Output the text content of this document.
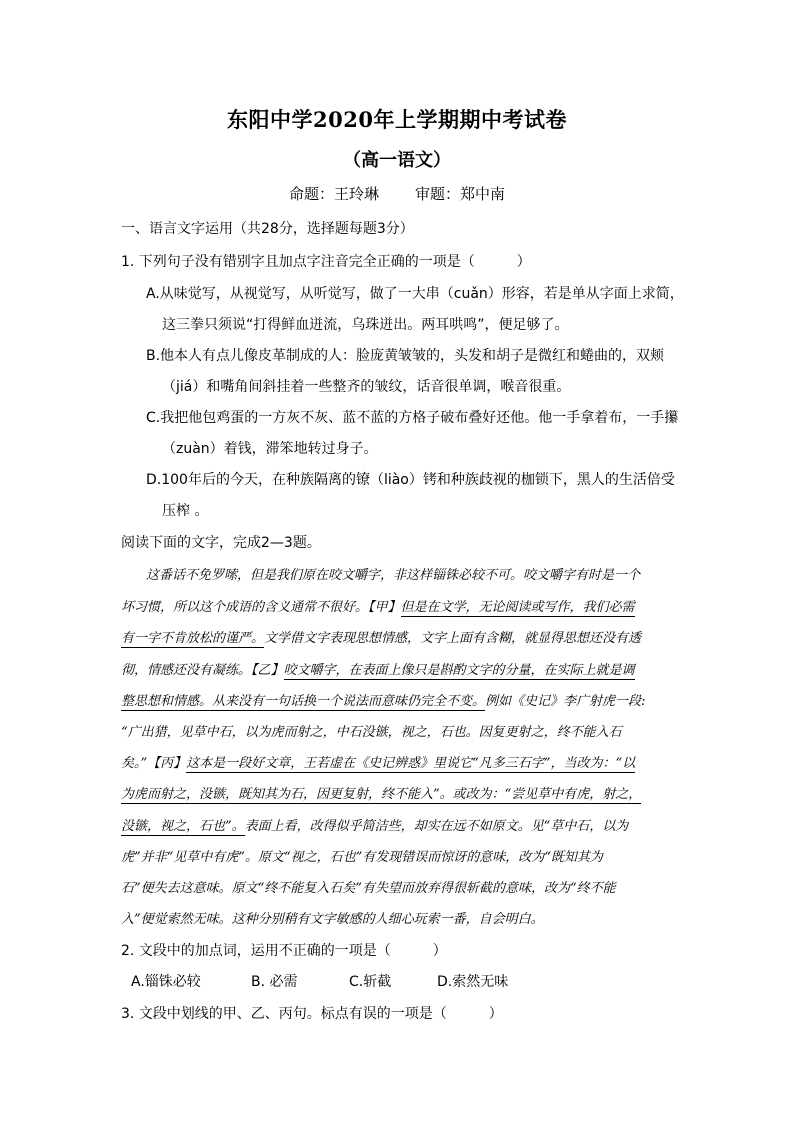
东阳中学2020年上学期期中考试卷
（高一语文）
命题：王玲琳 审题：郑中南
一、语言文字运用（共28分，选择题每题3分）
1. 下列句子没有错别字且加点字注音完全正确的一项是（　　　）
A.从味觉写，从视觉写，从听觉写，做了一大串（cuǎn）形容，若是单从字面上求简，
这三拳只须说“打得鲜血迸流，乌珠迸出。两耳哄鸣”，便足够了。
B.他本人有点儿像皮革制成的人：脸庞黄皱皱的，头发和胡子是微红和蜷曲的，双颊
（jiá）和嘴角间斜挂着一些整齐的皱纹，话音很单调，喉音很重。
C.我把他包鸡蛋的一方灰不灰、蓝不蓝的方格子破布叠好还他。他一手拿着布，一手攥
（zuàn）着钱，滞笨地转过身子。
D.100年后的今天，在种族隔离的镣（liào）铐和种族歧视的枷锁下，黑人的生活倍受
压榨 。
阅读下面的文字，完成2—3题。
这番话不免罗嗦，但是我们原在咬文嚼字，非这样锱铢必较不可。咬文嚼字有时是一个
坏习惯，所以这个成语的含义通常不很好。【甲】但是在文学，无论阅读或写作，我们必需
有一字不肯放松的谨严。文学借文字表现思想情感，文字上面有含糊，就显得思想还没有透
彻，情感还没有凝练。【乙】咬文嚼字，在表面上像只是斟酌文字的分量，在实际上就是调
整思想和情感。从来没有一句话换一个说法而意味仍完全不变。例如《史记》李广射虎一段:
“广出猎，见草中石，以为虎而射之，中石没镞，视之，石也。因复更射之，终不能入石
矣。”【丙】这本是一段好文章，王若虚在《史记辨惑》里说它“凡多三石字”，当改为：“以
为虎而射之，没镞，既知其为石，因更复射，终不能入”。或改为：“尝见草中有虎，射之，
没镞，视之，石也”。表面上看，改得似乎简洁些，却实在远不如原文。见“草中石，以为
虎”并非“见草中有虎”。原文“视之，石也”有发现错误而惊讶的意味，改为“既知其为
石”便失去这意味。原文“终不能复入石矣”有失望而放弃得很斩截的意味，改为“终不能
入”便觉索然无味。这种分别稍有文字敏感的人细心玩索一番，自会明白。
2. 文段中的加点词，运用不正确的一项是（　　　）
A.锱铢必较	B. 必需	C.斩截	D.索然无味
3. 文段中划线的甲、乙、丙句。标点有误的一项是（　　　）
